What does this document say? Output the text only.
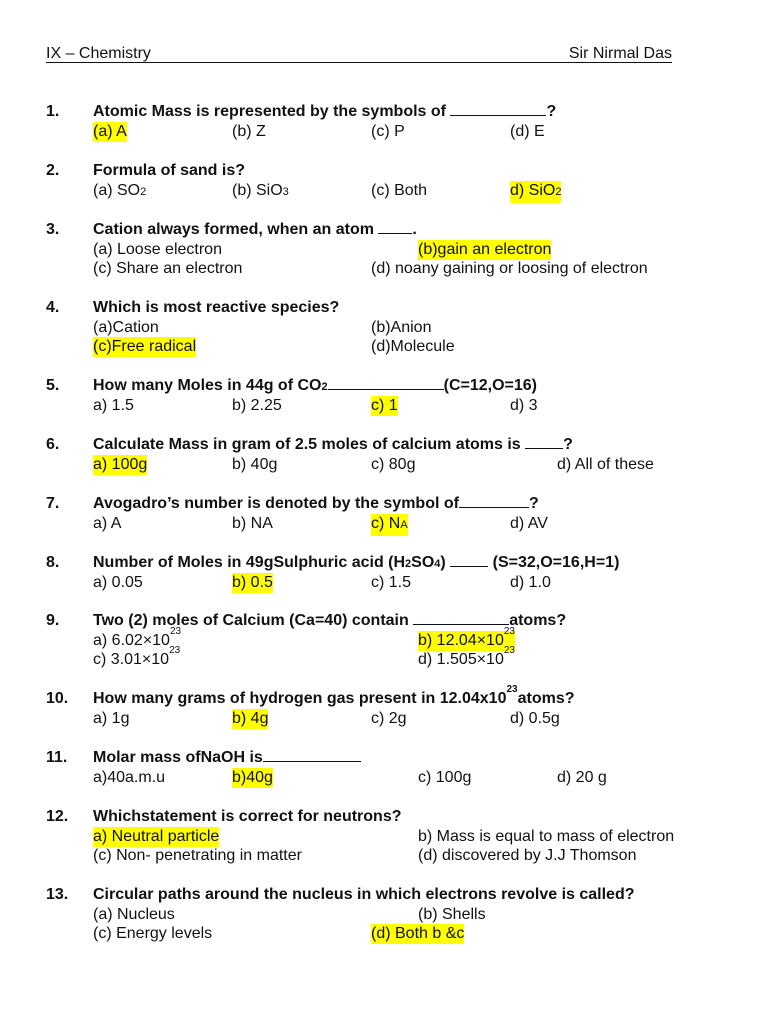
IX – Chemistry	Sir Nirmal Das
1. Atomic Mass is represented by the symbols of	?
(a) A	(b) Z	(c) P	(d) E
2. Formula of sand is?
(a) SO2	(b) SiO3	(c) Both	d) SiO2
3. Cation always formed, when an atom .
(a) Loose electron	(b)gain an electron
(c) Share an electron	(d) noany gaining or loosing of electron
4. Which is most reactive species?
(a)Cation	(b)Anion
(c)Free radical	(d)Molecule
5. How many Moles in 44g of CO2	(C=12,O=16)
a) 1.5	b) 2.25	c) 1	d) 3
6. Calculate Mass in gram of 2.5 moles of calcium atoms is ?
a) 100g	b) 40g	c) 80g	d) All of these
7. Avogadro’s number is denoted by the symbol of	?
a) A	b) NA	c) NA	d) AV
8. Number of Moles in 49gSulphuric acid (H2SO4)  (S=32,O=16,H=1)
a) 0.05	b) 0.5	c) 1.5	d) 1.0
9. Two (2) moles of Calcium (Ca=40) contain	atoms?
a) $6.02\times 10^{23}$
b) $12.04\times 10^{23}$
c) $3.01\times 10^{23}$
d) $1.505\times 10^{23}$
10. How many grams of hydrogen gas present in $12.04x10^{23}atoms$?
a) 1g	b) 4g	c) 2g	d) 0.5g
11. Molar mass ofNaOH is
a)40a.m.u	b)40g	c) 100g	d) 20 g
12. Whichstatement is correct for neutrons?
a) Neutral particle	b) Mass is equal to mass of electron
(c) Non- penetrating in matter	(d) discovered by J.J Thomson
13. Circular paths around the nucleus in which electrons revolve is called?
(a) Nucleus	(b) Shells
(c) Energy levels	(d) Both b &c
